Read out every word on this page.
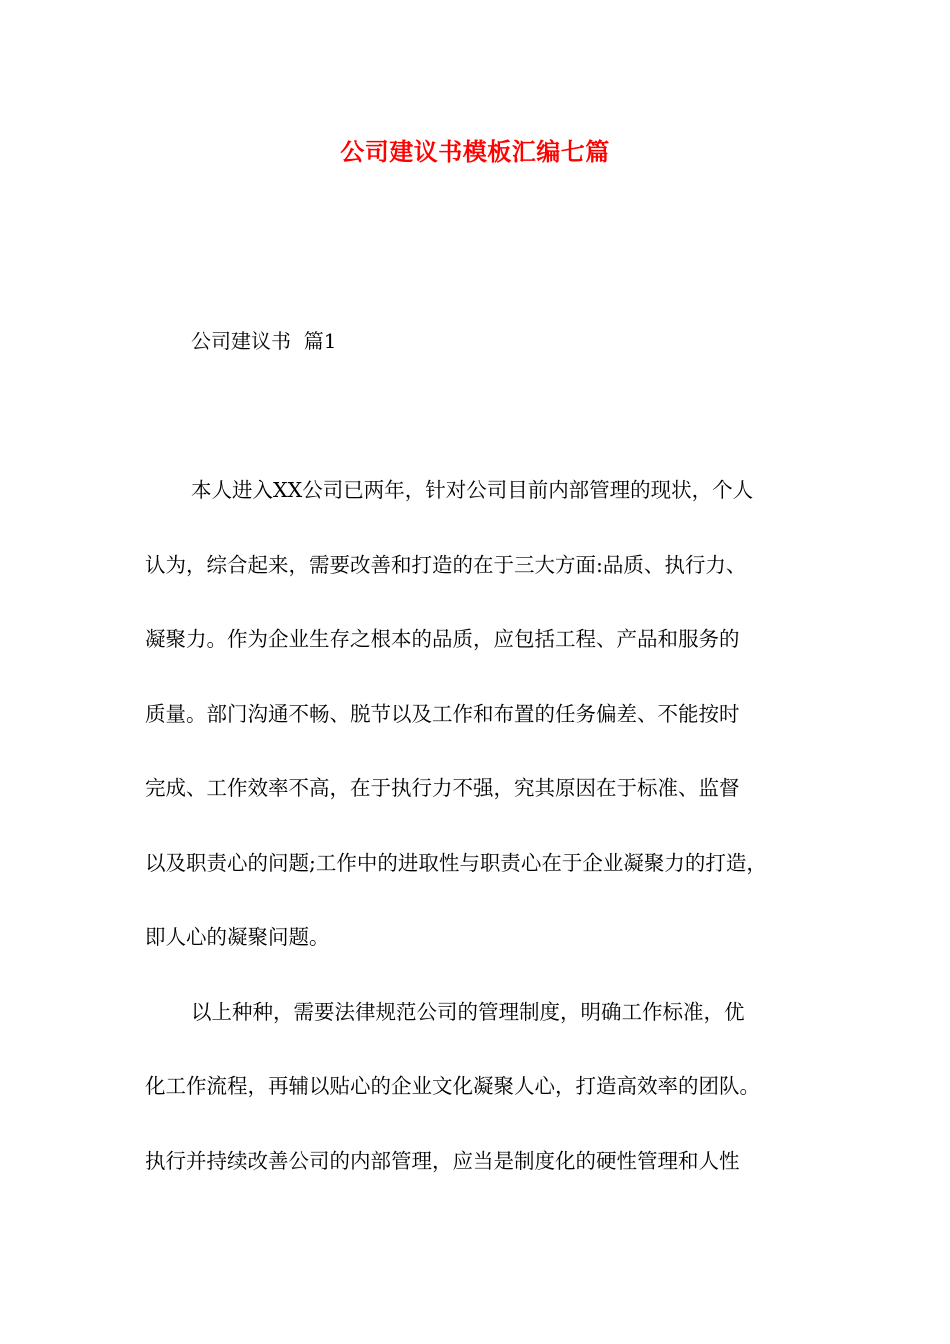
公司建议书模板汇编七篇
公司建议书  篇1
本人进入XX公司已两年，针对公司目前内部管理的现状，个人
认为，综合起来，需要改善和打造的在于三大方面:品质、执行力、
凝聚力。作为企业生存之根本的品质，应包括工程、产品和服务的
质量。部门沟通不畅、脱节以及工作和布置的任务偏差、不能按时
完成、工作效率不高，在于执行力不强，究其原因在于标准、监督
以及职责心的问题;工作中的进取性与职责心在于企业凝聚力的打造，
即人心的凝聚问题。
以上种种，需要法律规范公司的管理制度，明确工作标准，优
化工作流程，再辅以贴心的企业文化凝聚人心，打造高效率的团队。
执行并持续改善公司的内部管理，应当是制度化的硬性管理和人性
